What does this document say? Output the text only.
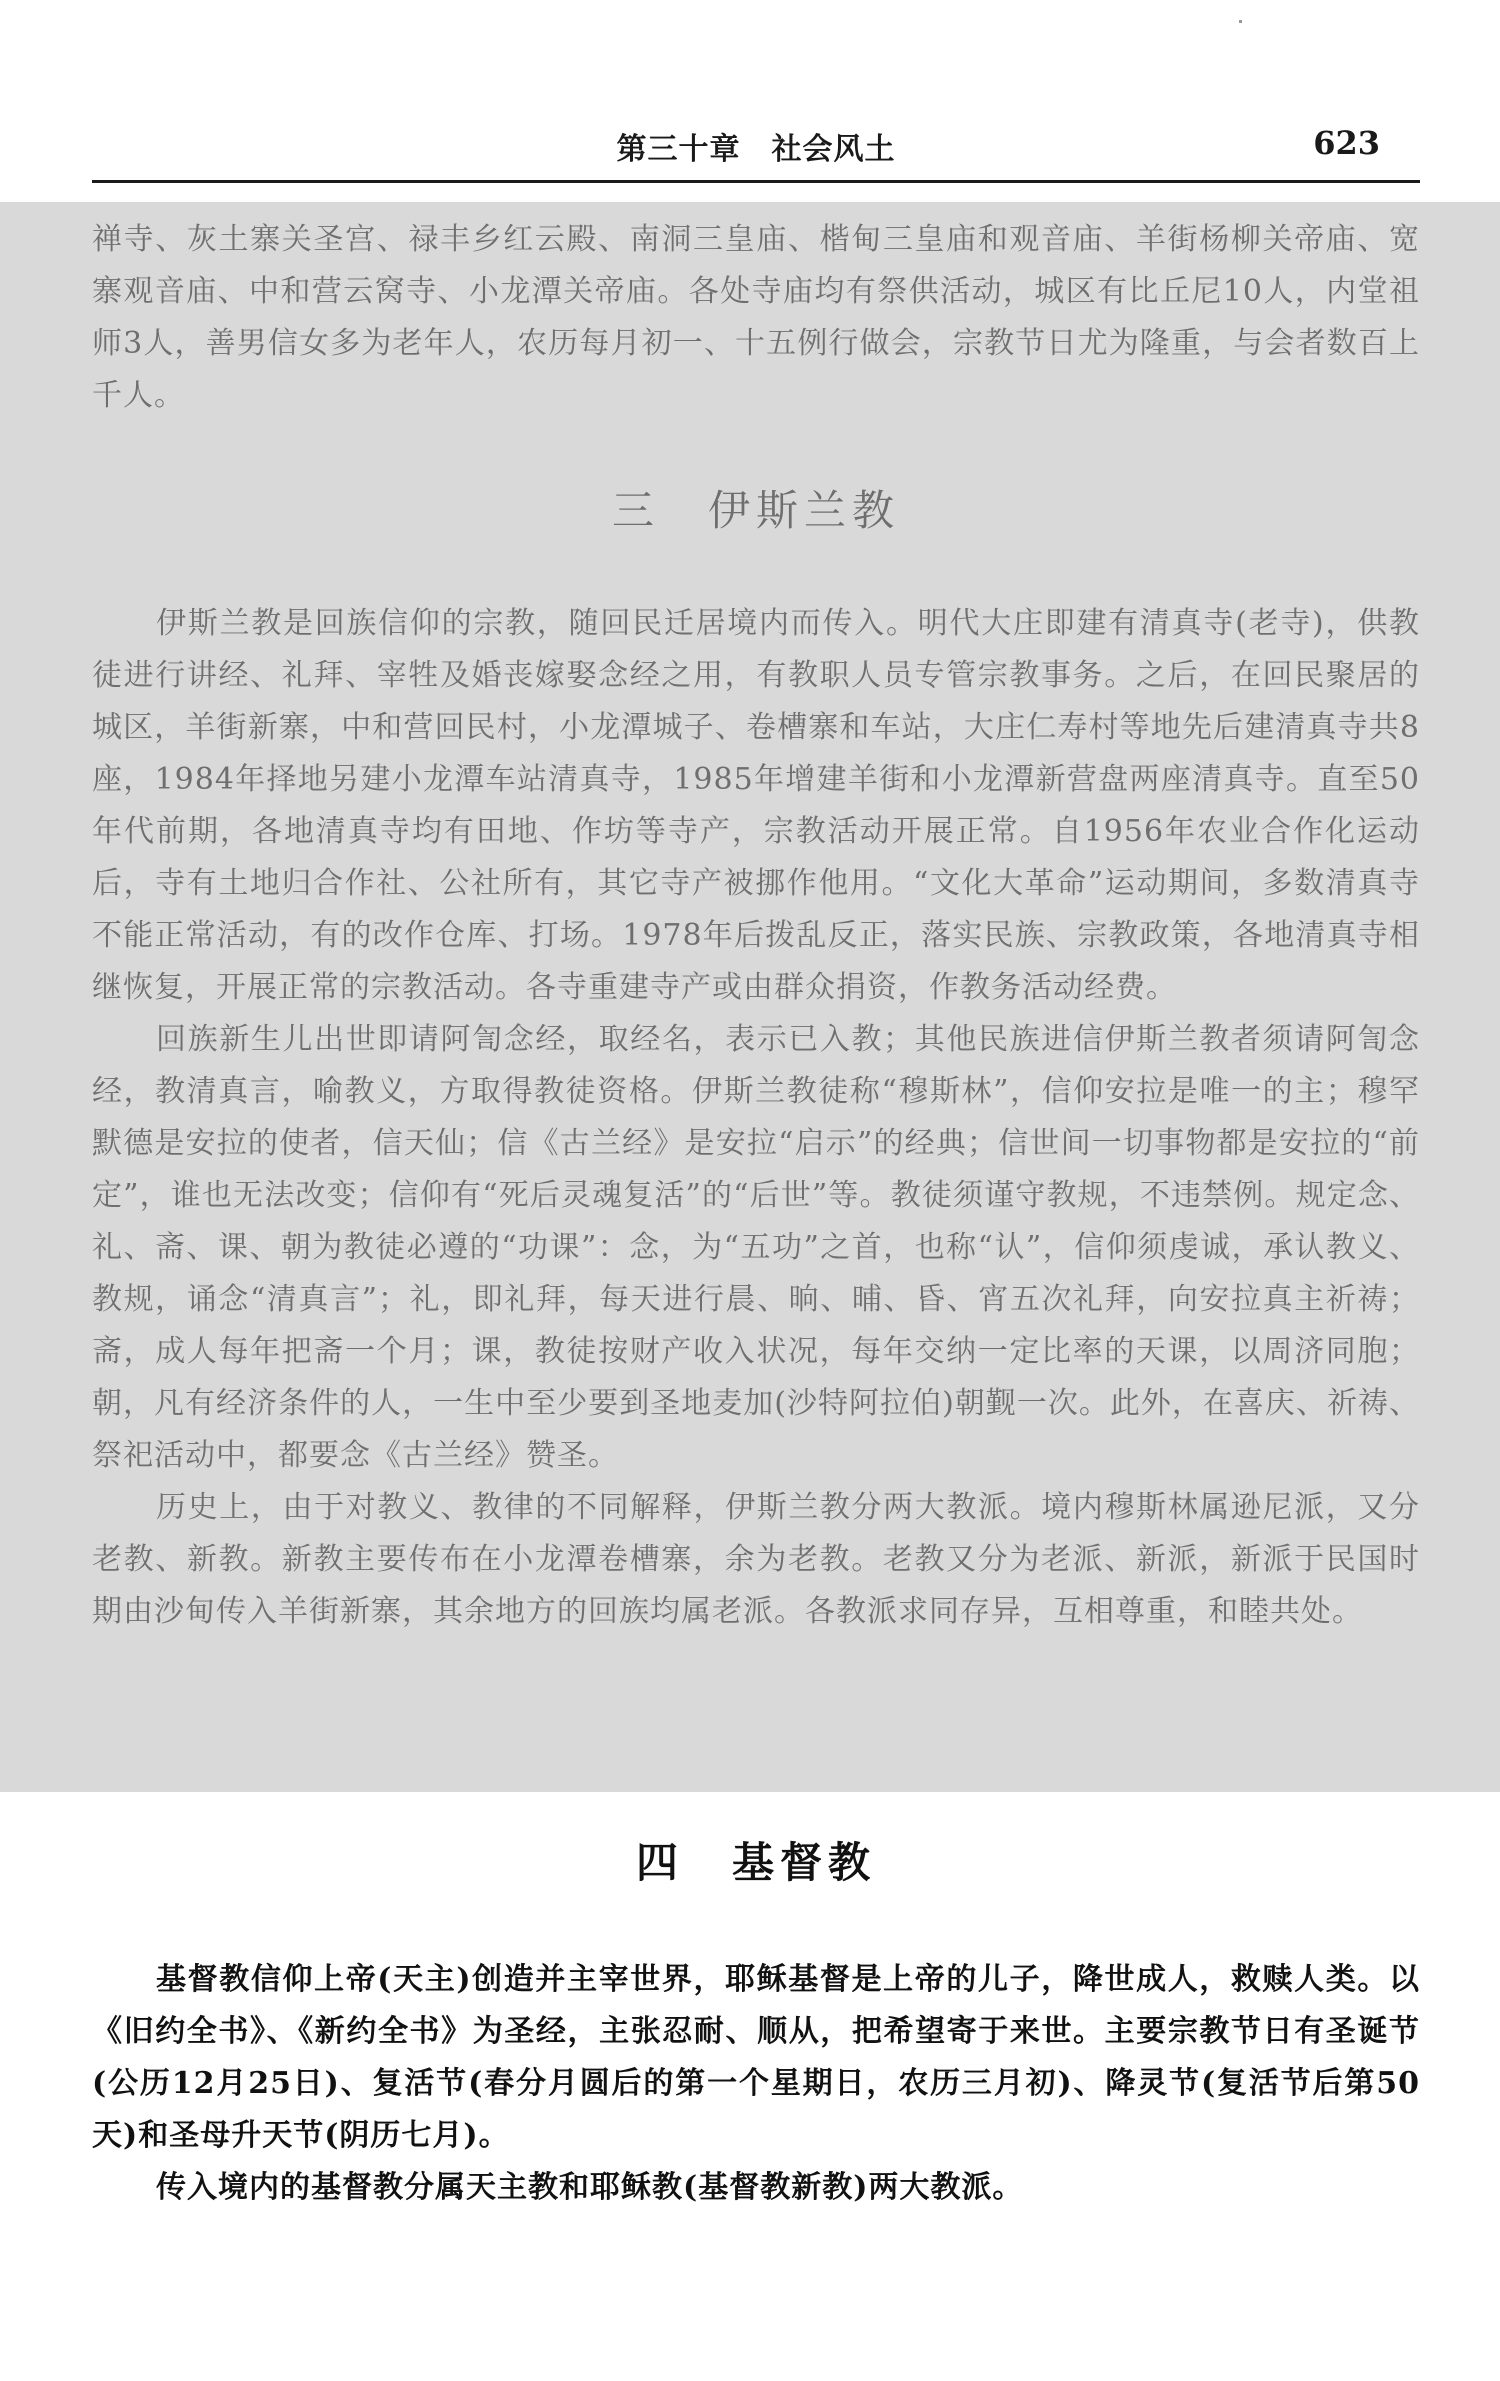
第三十章　社会风土	623

禅寺、灰土寨关圣宫、禄丰乡红云殿、南洞三皇庙、楷甸三皇庙和观音庙、羊街杨柳关帝庙、宽寨观音庙、中和营云窝寺、小龙潭关帝庙。各处寺庙均有祭供活动，城区有比丘尼10人，内堂祖师3人，善男信女多为老年人，农历每月初一、十五例行做会，宗教节日尤为隆重，与会者数百上千人。

三　伊斯兰教

伊斯兰教是回族信仰的宗教，随回民迁居境内而传入。明代大庄即建有清真寺(老寺)，供教徒进行讲经、礼拜、宰牲及婚丧嫁娶念经之用，有教职人员专管宗教事务。之后，在回民聚居的城区，羊街新寨，中和营回民村，小龙潭城子、卷槽寨和车站，大庄仁寿村等地先后建清真寺共8座，1984年择地另建小龙潭车站清真寺，1985年增建羊街和小龙潭新营盘两座清真寺。直至50年代前期，各地清真寺均有田地、作坊等寺产，宗教活动开展正常。自1956年农业合作化运动后，寺有土地归合作社、公社所有，其它寺产被挪作他用。“文化大革命”运动期间，多数清真寺不能正常活动，有的改作仓库、打场。1978年后拨乱反正，落实民族、宗教政策，各地清真寺相继恢复，开展正常的宗教活动。各寺重建寺产或由群众捐资，作教务活动经费。

回族新生儿出世即请阿訇念经，取经名，表示已入教；其他民族进信伊斯兰教者须请阿訇念经，教清真言，喻教义，方取得教徒资格。伊斯兰教徒称“穆斯林”，信仰安拉是唯一的主；穆罕默德是安拉的使者，信天仙；信《古兰经》是安拉“启示”的经典；信世间一切事物都是安拉的“前定”，谁也无法改变；信仰有“死后灵魂复活”的“后世”等。教徒须谨守教规，不违禁例。规定念、礼、斋、课、朝为教徒必遵的“功课”：念，为“五功”之首，也称“认”，信仰须虔诚，承认教义、教规，诵念“清真言”；礼，即礼拜，每天进行晨、晌、晡、昏、宵五次礼拜，向安拉真主祈祷；斋，成人每年把斋一个月；课，教徒按财产收入状况，每年交纳一定比率的天课，以周济同胞；朝，凡有经济条件的人，一生中至少要到圣地麦加(沙特阿拉伯)朝觐一次。此外，在喜庆、祈祷、祭祀活动中，都要念《古兰经》赞圣。

历史上，由于对教义、教律的不同解释，伊斯兰教分两大教派。境内穆斯林属逊尼派，又分老教、新教。新教主要传布在小龙潭卷槽寨，余为老教。老教又分为老派、新派，新派于民国时期由沙甸传入羊街新寨，其余地方的回族均属老派。各教派求同存异，互相尊重，和睦共处。

四　基督教

基督教信仰上帝(天主)创造并主宰世界，耶稣基督是上帝的儿子，降世成人，救赎人类。以《旧约全书》、《新约全书》为圣经，主张忍耐、顺从，把希望寄于来世。主要宗教节日有圣诞节(公历12月25日)、复活节(春分月圆后的第一个星期日，农历三月初)、降灵节(复活节后第50天)和圣母升天节(阴历七月)。

传入境内的基督教分属天主教和耶稣教(基督教新教)两大教派。
